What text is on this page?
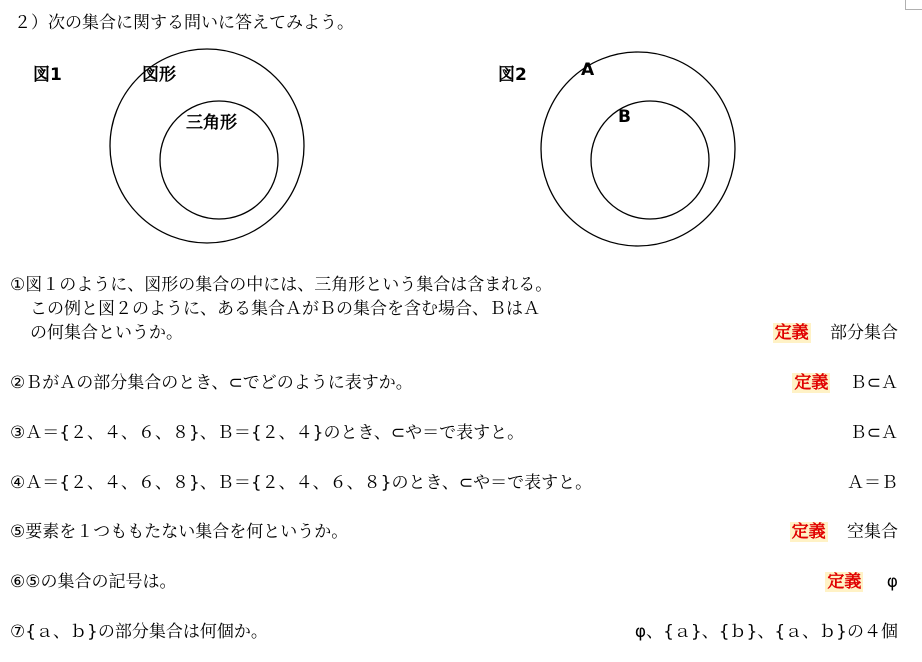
２）次の集合に関する問いに答えてみよう。
図1	図形
三角形
図2	A
B
①図１のように、図形の集合の中には、三角形という集合は含まれる。
この例と図２のように、ある集合ＡがＢの集合を含む場合、ＢはＡ
の何集合というか。	定義 部分集合
②ＢがＡの部分集合のとき、⊂でどのように表すか。	定義 Ｂ⊂Ａ
③Ａ＝{２、４、６、８}、Ｂ＝{２、４}のとき、⊂や＝で表すと。	Ｂ⊂Ａ
④Ａ＝{２、４、６、８}、Ｂ＝{２、４、６、８}のとき、⊂や＝で表すと。	Ａ＝Ｂ
⑤要素を１つももたない集合を何というか。	定義 空集合
⑥⑤の集合の記号は。	定義 φ
⑦{ａ、ｂ}の部分集合は何個か。	φ、{ａ}、{ｂ}、{ａ、ｂ}の４個
